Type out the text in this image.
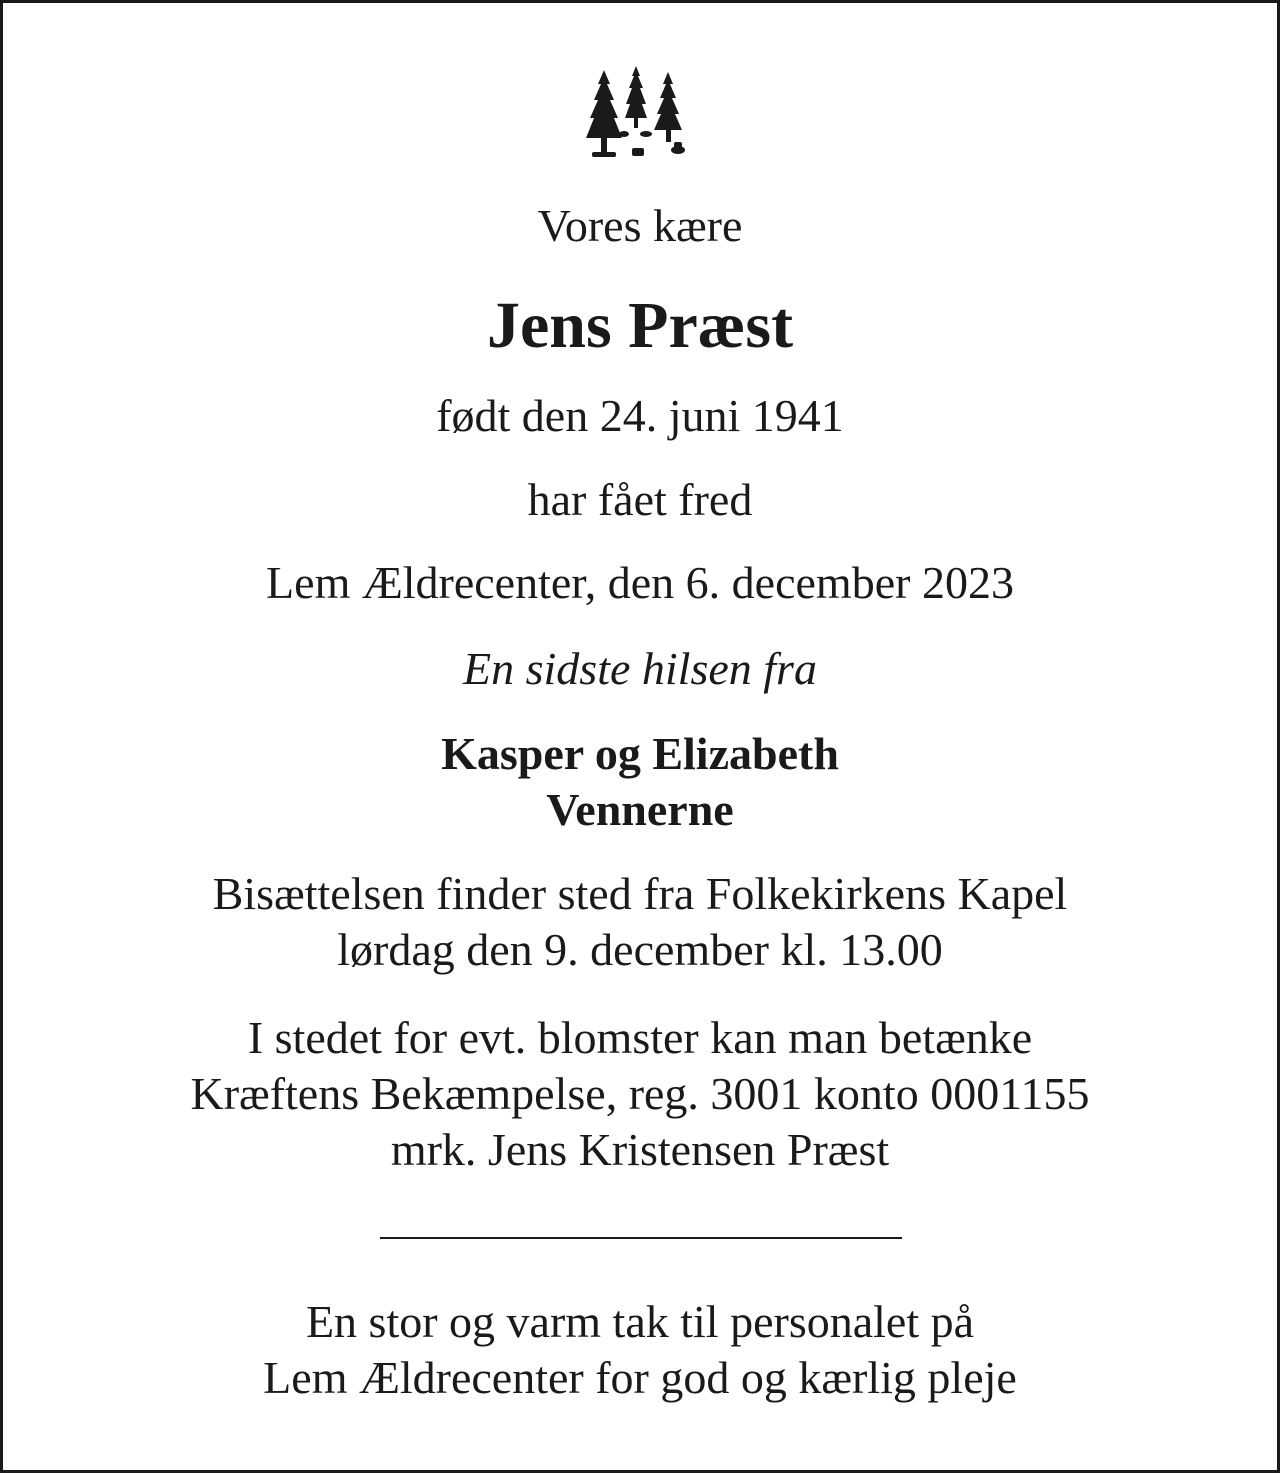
Vores kære
Jens Præst
født den 24. juni 1941
har fået fred
Lem Ældrecenter, den 6. december 2023
En sidste hilsen fra
Kasper og Elizabeth
Vennerne
Bisættelsen finder sted fra Folkekirkens Kapel
lørdag den 9. december kl. 13.00
I stedet for evt. blomster kan man betænke
Kræftens Bekæmpelse, reg. 3001 konto 0001155
mrk. Jens Kristensen Præst
En stor og varm tak til personalet på
Lem Ældrecenter for god og kærlig pleje
